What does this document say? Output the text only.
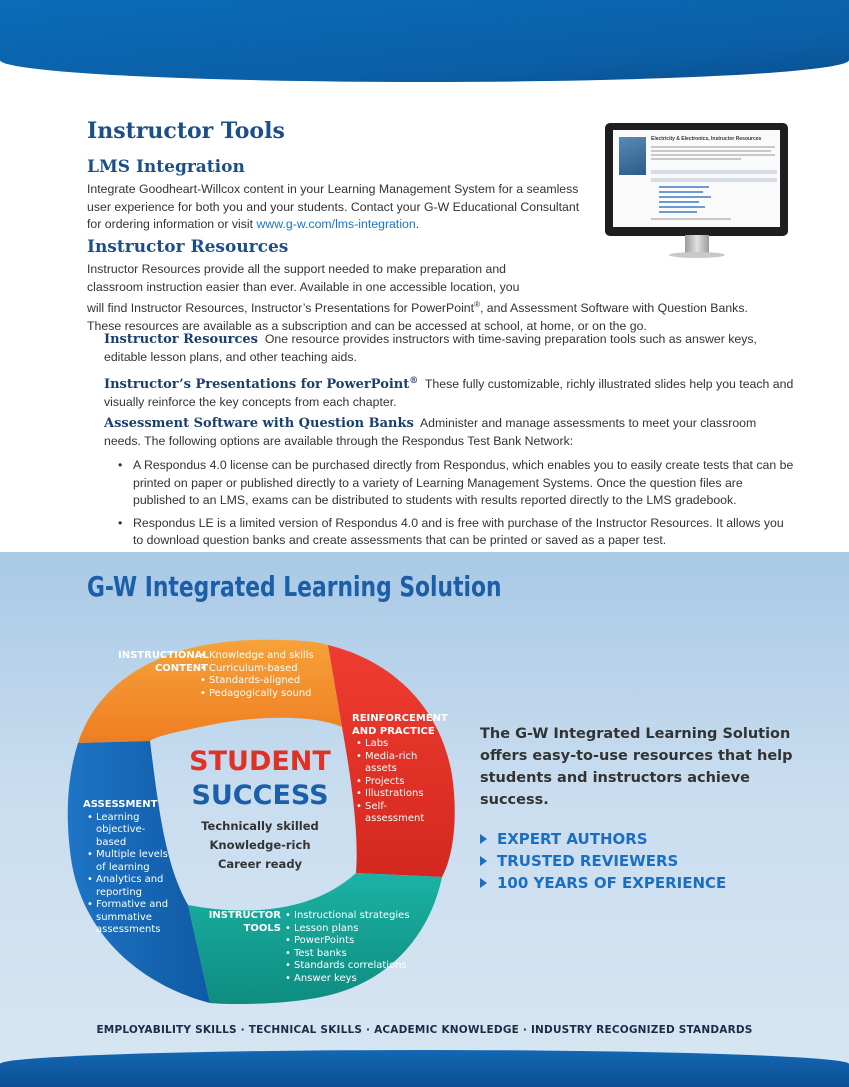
Instructor Tools
LMS Integration

Integrate Goodheart-Willcox content in your Learning Management System for a seamless user experience for both you and your students. Contact your G-W Educational Consultant for ordering information or visit www.g-w.com/lms-integration.

Instructor Resources

Instructor Resources provide all the support needed to make preparation and
classroom instruction easier than ever. Available in one accessible location, you
will find Instructor Resources, Instructor’s Presentations for PowerPoint®, and Assessment Software with Question Banks.
These resources are available as a subscription and can be accessed at school, at home, or on the go.

Instructor Resources One resource provides instructors with time-saving preparation tools such as answer keys, editable lesson plans, and other teaching aids.

Instructor’s Presentations for PowerPoint® These fully customizable, richly illustrated slides help you teach and visually reinforce the key concepts from each chapter.

Assessment Software with Question Banks Administer and manage assessments to meet your classroom needs. The following options are available through the Respondus Test Bank Network:

• A Respondus 4.0 license can be purchased directly from Respondus, which enables you to easily create tests that can be printed on paper or published directly to a variety of Learning Management Systems. Once the question files are published to an LMS, exams can be distributed to students with results reported directly to the LMS gradebook.
• Respondus LE is a limited version of Respondus 4.0 and is free with purchase of the Instructor Resources. It allows you to download question banks and create assessments that can be printed or saved as a paper test.
Electricity & Electronics, Instructor Resources
G-W Integrated Learning Solution
INSTRUCTIONAL
CONTENT
• Knowledge and skills
• Curriculum-based
• Standards-aligned
• Pedagogically sound
REINFORCEMENT
AND PRACTICE
• Labs
• Media-rich assets
• Projects
• Illustrations
• Self-assessment
ASSESSMENT
• Learning objective-based
• Multiple levels of learning
• Analytics and reporting
• Formative and summative assessments
INSTRUCTOR
TOOLS
• Instructional strategies
• Lesson plans
• PowerPoints
• Test banks
• Standards correlations
• Answer keys
STUDENT
SUCCESS
Technically skilled
Knowledge-rich
Career ready

The G-W Integrated Learning Solution offers easy-to-use resources that help students and instructors achieve success.

EXPERT AUTHORS
TRUSTED REVIEWERS
100 YEARS OF EXPERIENCE
EMPLOYABILITY SKILLS · TECHNICAL SKILLS · ACADEMIC KNOWLEDGE · INDUSTRY RECOGNIZED STANDARDS
